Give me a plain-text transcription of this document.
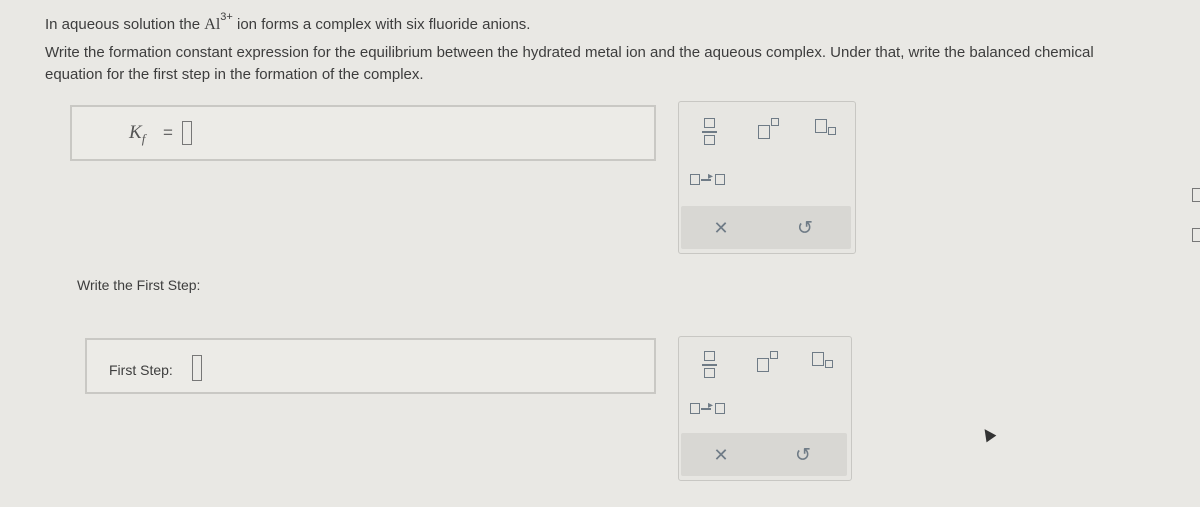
In aqueous solution the $Al^{3+}$ ion forms a complex with six fluoride anions.
Write the formation constant expression for the equilibrium between the hydrated metal ion and the aqueous complex. Under that, write the balanced chemical
equation for the first step in the formation of the complex.
$K_f$ =
▸
✕	↺
Write the First Step:
First Step:
▸
✕	↺
